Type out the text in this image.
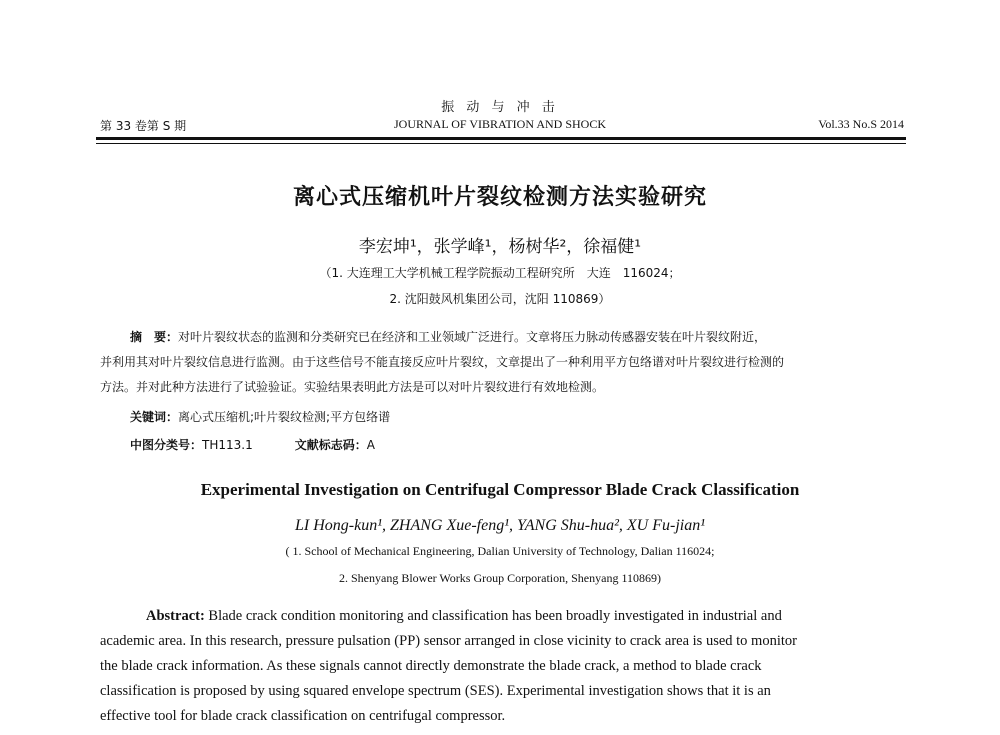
振 动 与 冲 击
第 33 卷第 S 期	JOURNAL OF VIBRATION AND SHOCK	Vol.33 No.S 2014
离心式压缩机叶片裂纹检测方法实验研究
李宏坤¹，张学峰¹，杨树华²，徐福健¹
（1. 大连理工大学机械工程学院振动工程研究所　大连　116024；
2. 沈阳鼓风机集团公司，沈阳 110869）
摘　要：对叶片裂纹状态的监测和分类研究已在经济和工业领域广泛进行。文章将压力脉动传感器安装在叶片裂纹附近，
并利用其对叶片裂纹信息进行监测。由于这些信号不能直接反应叶片裂纹，文章提出了一种利用平方包络谱对叶片裂纹进行检测的
方法。并对此种方法进行了试验验证。实验结果表明此方法是可以对叶片裂纹进行有效地检测。
关键词：离心式压缩机;叶片裂纹检测;平方包络谱
中图分类号：TH113.1	文献标志码：A
Experimental Investigation on Centrifugal Compressor Blade Crack Classification
LI Hong-kun¹, ZHANG Xue-feng¹, YANG Shu-hua², XU Fu-jian¹
( 1. School of Mechanical Engineering, Dalian University of Technology, Dalian 116024;
2. Shenyang Blower Works Group Corporation, Shenyang 110869)
Abstract: Blade crack condition monitoring and classification has been broadly investigated in industrial and
academic area. In this research, pressure pulsation (PP) sensor arranged in close vicinity to crack area is used to monitor
the blade crack information. As these signals cannot directly demonstrate the blade crack, a method to blade crack
classification is proposed by using squared envelope spectrum (SES). Experimental investigation shows that it is an
effective tool for blade crack classification on centrifugal compressor.
